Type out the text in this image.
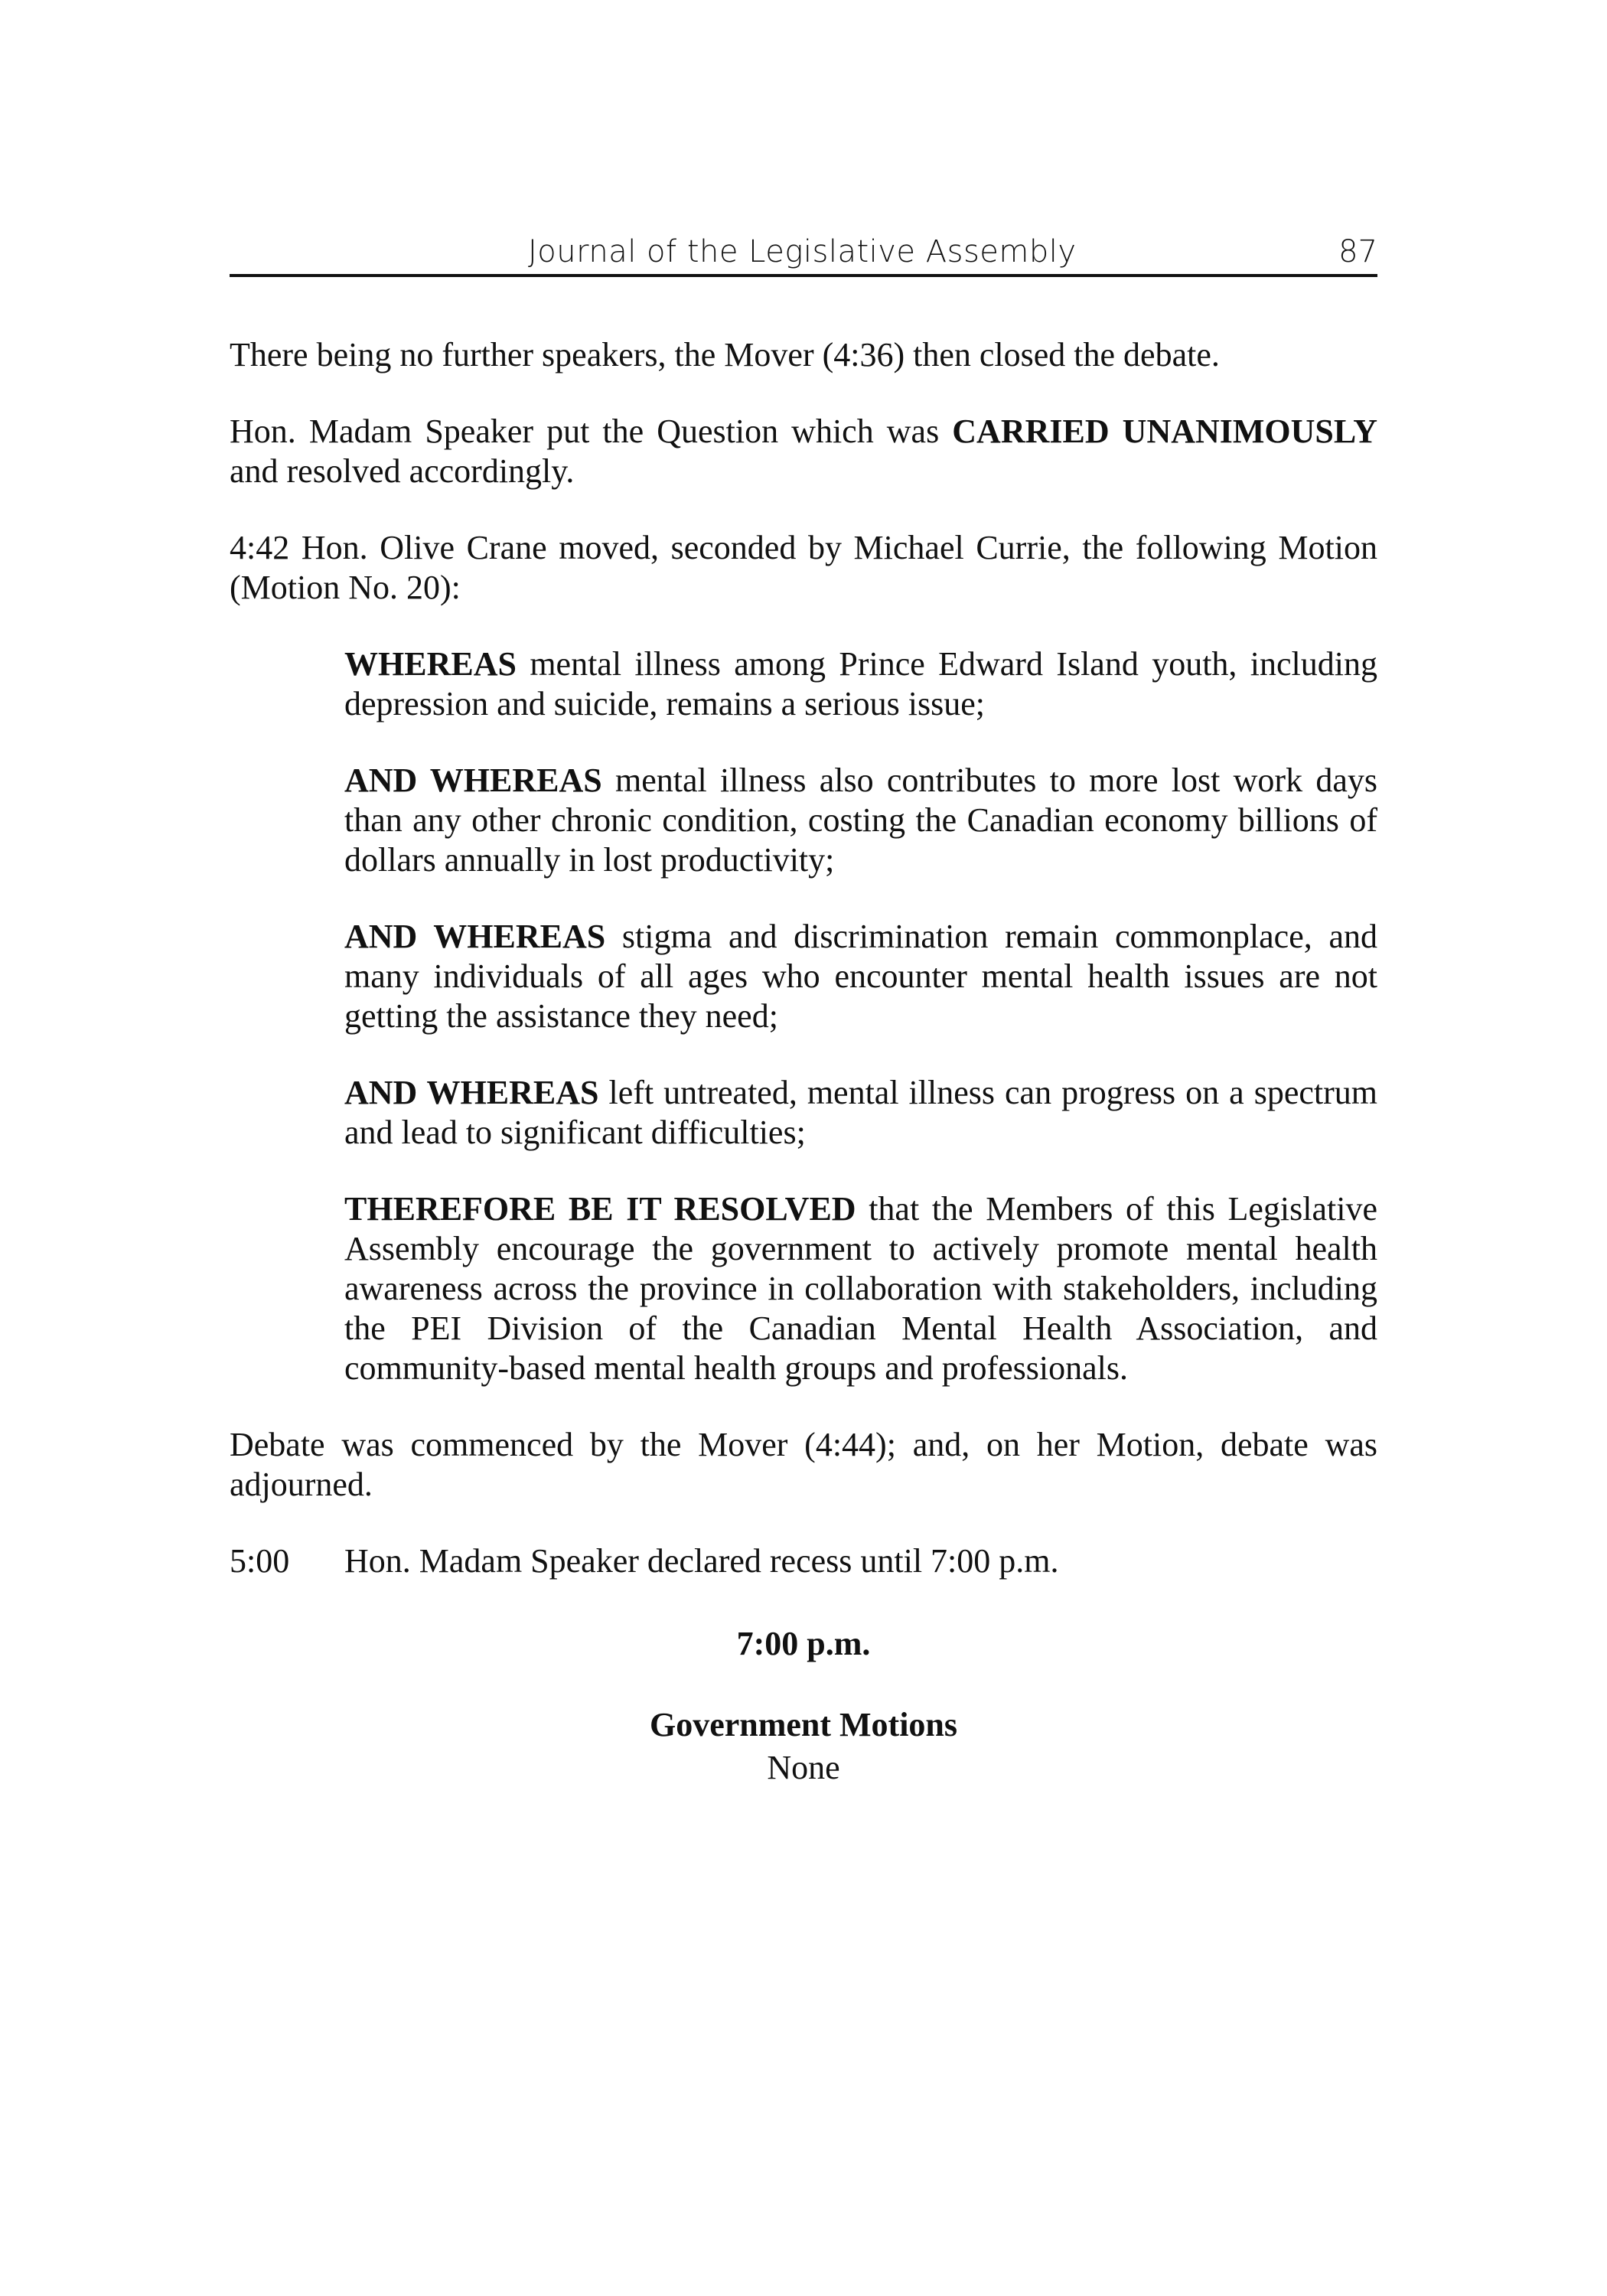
Journal of the Legislative Assembly	87

There being no further speakers, the Mover (4:36) then closed the debate.

Hon. Madam Speaker put the Question which was CARRIED UNANIMOUSLY and resolved accordingly.

4:42 Hon. Olive Crane moved, seconded by Michael Currie, the following Motion (Motion No. 20):

WHEREAS mental illness among Prince Edward Island youth, including depression and suicide, remains a serious issue;

AND WHEREAS mental illness also contributes to more lost work days than any other chronic condition, costing the Canadian economy billions of dollars annually in lost productivity;

AND WHEREAS stigma and discrimination remain commonplace, and many individuals of all ages who encounter mental health issues are not getting the assistance they need;

AND WHEREAS left untreated, mental illness can progress on a spectrum and lead to significant difficulties;

THEREFORE BE IT RESOLVED that the Members of this Legislative Assembly encourage the government to actively promote mental health awareness across the province in collaboration with stakeholders, including the PEI Division of the Canadian Mental Health Association, and community-based mental health groups and professionals.

Debate was commenced by the Mover (4:44); and, on her Motion, debate was adjourned.

5:00	Hon. Madam Speaker declared recess until 7:00 p.m.

7:00 p.m.

Government Motions

None
